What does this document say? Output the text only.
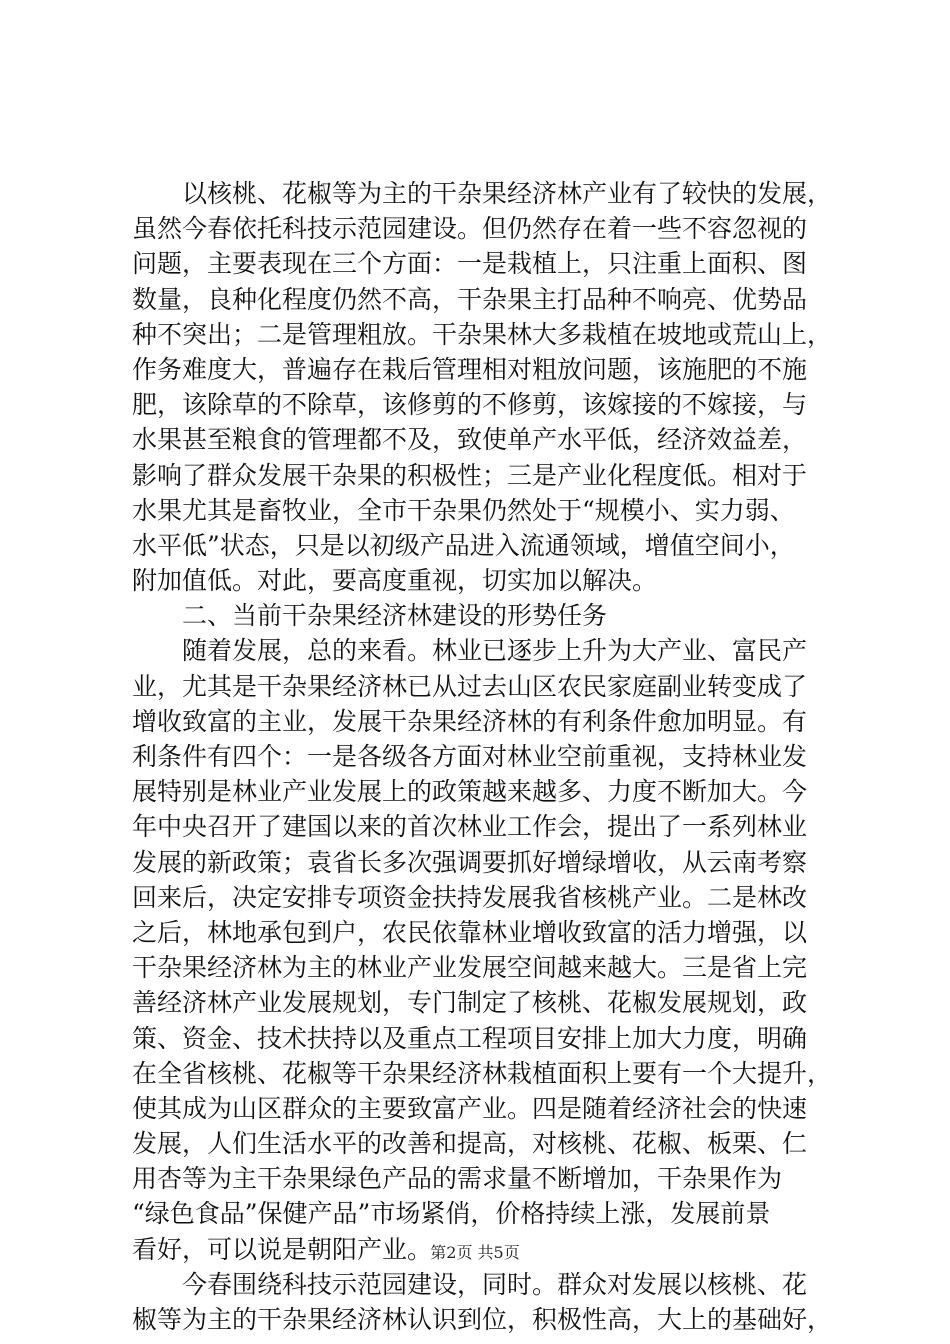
　　以核桃、花椒等为主的干杂果经济林产业有了较快的发展，
虽然今春依托科技示范园建设。但仍然存在着一些不容忽视的
问题，主要表现在三个方面：一是栽植上，只注重上面积、图
数量，良种化程度仍然不高，干杂果主打品种不响亮、优势品
种不突出；二是管理粗放。干杂果林大多栽植在坡地或荒山上，
作务难度大，普遍存在栽后管理相对粗放问题，该施肥的不施
肥，该除草的不除草，该修剪的不修剪，该嫁接的不嫁接，与
水果甚至粮食的管理都不及，致使单产水平低，经济效益差，
影响了群众发展干杂果的积极性；三是产业化程度低。相对于
水果尤其是畜牧业，全市干杂果仍然处于“规模小、实力弱、
水平低”状态，只是以初级产品进入流通领域，增值空间小，
附加值低。对此，要高度重视，切实加以解决。
　　二、当前干杂果经济林建设的形势任务
　　随着发展，总的来看。林业已逐步上升为大产业、富民产
业，尤其是干杂果经济林已从过去山区农民家庭副业转变成了
增收致富的主业，发展干杂果经济林的有利条件愈加明显。有
利条件有四个：一是各级各方面对林业空前重视，支持林业发
展特别是林业产业发展上的政策越来越多、力度不断加大。今
年中央召开了建国以来的首次林业工作会，提出了一系列林业
发展的新政策；袁省长多次强调要抓好增绿增收，从云南考察
回来后，决定安排专项资金扶持发展我省核桃产业。二是林改
之后，林地承包到户，农民依靠林业增收致富的活力增强，以
干杂果经济林为主的林业产业发展空间越来越大。三是省上完
善经济林产业发展规划，专门制定了核桃、花椒发展规划，政
策、资金、技术扶持以及重点工程项目安排上加大力度，明确
在全省核桃、花椒等干杂果经济林栽植面积上要有一个大提升，
使其成为山区群众的主要致富产业。四是随着经济社会的快速
发展，人们生活水平的改善和提高，对核桃、花椒、板栗、仁
用杏等为主干杂果绿色产品的需求量不断增加，干杂果作为
“绿色食品”保健产品”市场紧俏，价格持续上涨，发展前景
看好，可以说是朝阳产业。
　　今春围绕科技示范园建设，同时。群众对发展以核桃、花
椒等为主的干杂果经济林认识到位，积极性高，大上的基础好，
第2页 共5页
